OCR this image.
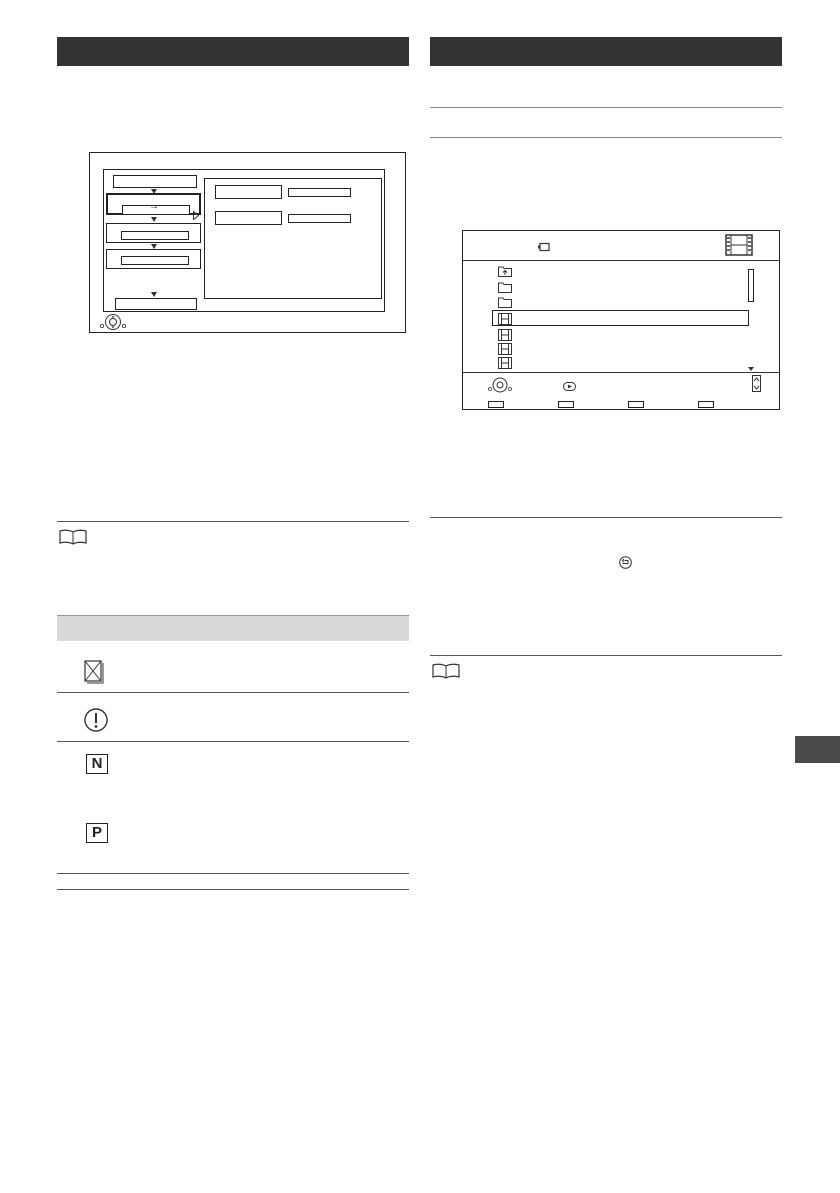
→
N
P
